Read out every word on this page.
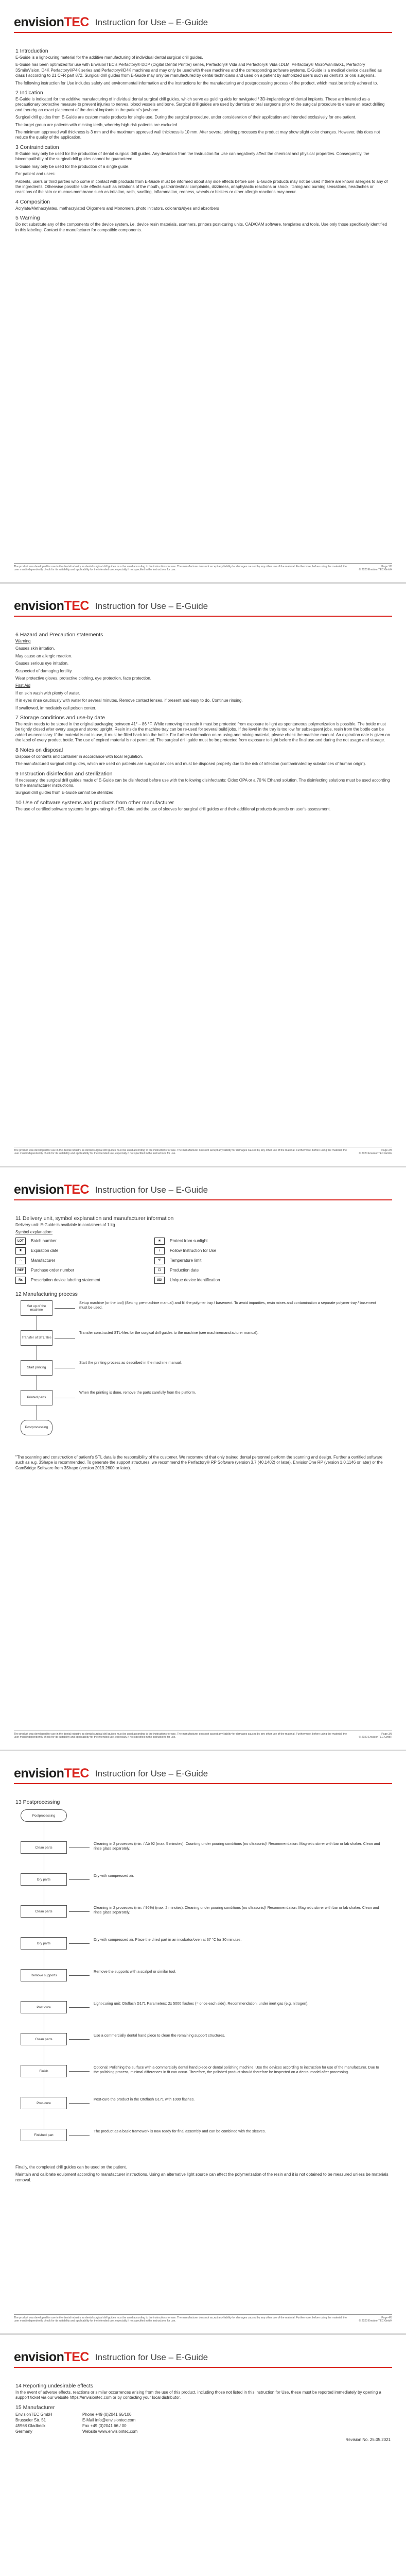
envision TEC Instruction for Use – E-Guide
1 Introduction

E-Guide is a light-curing material for the additive manufacturing of individual dental surgical drill guides.

E-Guide has been optimized for use with EnvisionTEC's Perfactory® DDP (Digital Dental Printer) series, Perfactory® Vida and Perfactory® Vida cDLM, Perfactory® Micro/Vanilla/XL, Perfactory 3SmileVision, D4K Perfactory®P4K series and Perfactory®D4K machines and may only be used with these machines and the corresponding software systems. E-Guide is a medical device classified as class I according to 21 CFR part 872. Surgical drill guides from E-Guide may only be manufactured by dental technicians and used on a patient by authorized users such as dentists or oral surgeons.

The following instruction for Use includes safety and environmental information and the instructions for the manufacturing and postprocessing process of the product, which must be strictly adhered to.

2 Indication

E-Guide is indicated for the additive manufacturing of individual dental surgical drill guides, which serve as guiding aids for navigated / 3D-implantology of dental implants. These are intended as a precautionary protective measure to prevent injuries to nerves, blood vessels and bone. Surgical drill guides are used by dentists or oral surgeons prior to the surgical procedure to ensure an exact drilling and thereby an exact placement of the dental implants in the patient's jawbone.

Surgical drill guides from E-Guide are custom made products for single use. During the surgical procedure, under consideration of their application and intended exclusively for one patient.

The target group are patients with missing teeth, whereby high-risk patients are excluded.

The minimum approved wall thickness is 3 mm and the maximum approved wall thickness is 10 mm. After several printing processes the product may show slight color changes. However, this does not reduce the quality of the application.

3 Contraindication

E-Guide may only be used for the production of dental surgical drill guides. Any deviation from the Instruction for Use can negatively affect the chemical and physical properties. Consequently, the biocompatibility of the surgical drill guides cannot be guaranteed.

E-Guide may only be used for the production of a single guide.

For patient and users:

Patients, users or third parties who come in contact with products from E-Guide must be informed about any side effects before use. E-Guide products may not be used if there are known allergies to any of the ingredients. Otherwise possible side effects such as irritations of the mouth, gastrointestinal complaints, dizziness, anaphylactic reactions or shock, itching and burning sensations, headaches or reactions of the skin or mucous membrane such as irritation, rash, swelling, inflammation, redness, wheals or blisters or other allergic reactions may occur.

4 Composition

Acrylate/Methacrylates, methacrylated Oligomers and Monomers, photo initiators, colorants/dyes and absorbers

5 Warning

Do not substitute any of the components of the device system, i.e. device resin materials, scanners, printers post-curing units, CAD/CAM software, templates and tools. Use only those specifically identified in this labeling. Contact the manufacturer for compatible components.

The product was developed for use in the dental industry as dental surgical drill guides must be used according to the instructions for use. The manufacturer does not accept any liability for damages caused by any other use of the material. Furthermore, before using the material, the user must independently check for its suitability and applicability for the intended use, especially if not specified in the instructions for use.
Page 1/5
© 2020 EnvisionTEC GmbH
envision TEC Instruction for Use – E-Guide
6 Hazard and Precaution statements

Warning

Causes skin irritation.

May cause an allergic reaction.

Causes serious eye irritation.

Suspected of damaging fertility.

Wear protective gloves, protective clothing, eye protection, face protection.

First Aid

If on skin wash with plenty of water.

If in eyes rinse cautiously with water for several minutes. Remove contact lenses, if present and easy to do. Continue rinsing.

If swallowed, immediately call poison center.

7 Storage conditions and use-by date

The resin needs to be stored in the original packaging between 41° – 86 °F. While removing the resin it must be protected from exposure to light as spontaneous polymerization is possible. The bottle must be tightly closed after every usage and stored upright. Resin inside the machine tray can be re-used for several build jobs. If the level in the tray is too low for subsequent jobs, resin from the bottle can be added as necessary. If the material is not in use, it must be filled back into the bottle. For further information on re-using and mixing material, please check the machine manual. An expiration date is given on the label of every product bottle. The use of expired material is not permitted. The surgical drill guide must be be protected from exposure to light before the final use and during the not usage and storage.

8 Notes on disposal

Dispose of contents and container in accordance with local regulation.

The manufactured surgical drill guides, which are used on patients are surgical devices and must be disposed properly due to the risk of infection (contaminated by substances of human origin).

9 Instruction disinfection and sterilization

If necessary, the surgical drill guides made of E-Guide can be disinfected before use with the following disinfectants: Cidex OPA or a 70 % Ethanol solution. The disinfecting solutions must be used according to the manufacturer instructions.

Surgical drill guides from E-Guide cannot be sterilized.

10 Use of software systems and products from other manufacturer

The use of certified software systems for generating the STL data and the use of sleeves for surgical drill guides and their additional products depends on user's assessment.

The product was developed for use in the dental industry as dental surgical drill guides must be used according to the instructions for use. The manufacturer does not accept any liability for damages caused by any other use of the material. Furthermore, before using the material, the user must independently check for its suitability and applicability for the intended use, especially if not specified in the instructions for use.
Page 2/5
© 2020 EnvisionTEC GmbH
envision TEC Instruction for Use – E-Guide
11 Delivery unit, symbol explanation and manufacturer information

Delivery unit: E-Guide is available in containers of 1 kg

Symbol explanation:

LOT	Batch number	☀	Protect from sunlight
⧗	Expiration date	i	Follow Instruction for Use
⌂	Manufacturer	°F	Temperature limit
REF	Purchase order number	☐	Production date
Rx	Prescription device labeling statement	UDI	Unique device identification
12 Manufacturing process
Set up of the machine
Setup machine (or the tool) (Setting pre-machine manual) and fill the polymer tray / basement. To avoid impurities, resin mixes and contamination a separate polymer tray / basement must be used.
Transfer of STL files
Transfer constructed STL-files for the surgical drill guides to the machine (see machinemanufacturer manual).
Start printing
Start the printing process as described in the machine manual.
Printed parts
When the printing is done, remove the parts carefully from the platform.
Postprocessing

"The scanning and construction of patient's STL data is the responsibility of the customer. We recommend that only trained dental personnel perform the scanning and design. Further a certified software such as e.g. 3Shape is recommended. To generate the support structures, we recommend the Perfactory® RP Software (version 3.7 (40.1402) or later), EnvisionOne RP (version 1.0.1146 or later) or the CamBridge Software from 3Shape (version 2019.2600 or later).

The product was developed for use in the dental industry as dental surgical drill guides must be used according to the instructions for use. The manufacturer does not accept any liability for damages caused by any other use of the material. Furthermore, before using the material, the user must independently check for its suitability and applicability for the intended use, especially if not specified in the instructions for use.
Page 3/5
© 2020 EnvisionTEC GmbH
envision TEC Instruction for Use – E-Guide
13 Postprocessing
Postprocessing
Clean parts
Cleaning in 2 processes (min. / Ab 92 (max. 5 minutes). Counting under pouring conditions (no ultrasonic)! Recommendation: Magnetic stirrer with bar or lab shaker. Clean and rinse glass separately.
Dry parts
Dry with compressed air.
Clean parts
Cleaning in 2 processes (min. / 96%) (max. 2 minutes). Cleaning under pouring conditions (no ultrasonic)! Recommendation: Magnetic stirrer with bar or lab shaker. Clean and rinse glass separately.
Dry parts
Dry with compressed air. Place the dried part in an incubator/oven at 37 °C for 30 minutes.
Remove supports
Remove the supports with a scalpel or similar tool.
Post cure
Light-curing unit: Otoflash G171 Parameters: 2x 5000 flashes (= once each side). Recommendation: under inert gas (e.g. nitrogen).
Clean parts
Use a commercially dental hand piece to clean the remaining support structures.
Finish
Optional: Polishing the surface with a commercially dental hand piece or dental polishing machine. Use the devices according to instruction for use of the manufacturer. Due to the polishing process, minimal differences in fit can occur. Therefore, the polished product should therefore be inspected on a dental model after processing.
Post-cure
Post-cure the product in the Otoflash G171 with 1000 flashes.
Finished part
The product as a basic framework is now ready for final assembly and can be combined with the sleeves.

Finally, the completed drill guides can be used on the patient.

Maintain and calibrate equipment according to manufacturer instructions. Using an alternative light source can affect the polymerization of the resin and it is not obtained to be measured unless be materials removal.

The product was developed for use in the dental industry as dental surgical drill guides must be used according to the instructions for use. The manufacturer does not accept any liability for damages caused by any other use of the material. Furthermore, before using the material, the user must independently check for its suitability and applicability for the intended use, especially if not specified in the instructions for use.
Page 4/5
© 2020 EnvisionTEC GmbH
envision TEC Instruction for Use – E-Guide
14 Reporting undesirable effects

In the event of adverse effects, reactions or similar occurrences arising from the use of this product, including those not listed in this instruction for Use, these must be reported immediately by opening a support ticket via our website https://envisiontec.com or by contacting your local distributor.

15 Manufacturer
EnvisionTEC GmbH	Phone +49 (0)2041 66/100
Brusseler Str. 51	E-Mail info@envisiontec.com
45968 Gladbeck	Fax +49 (0)2041 66 / 00
Germany	Website www.envisiontec.com
Revision No. 25.05.2021
